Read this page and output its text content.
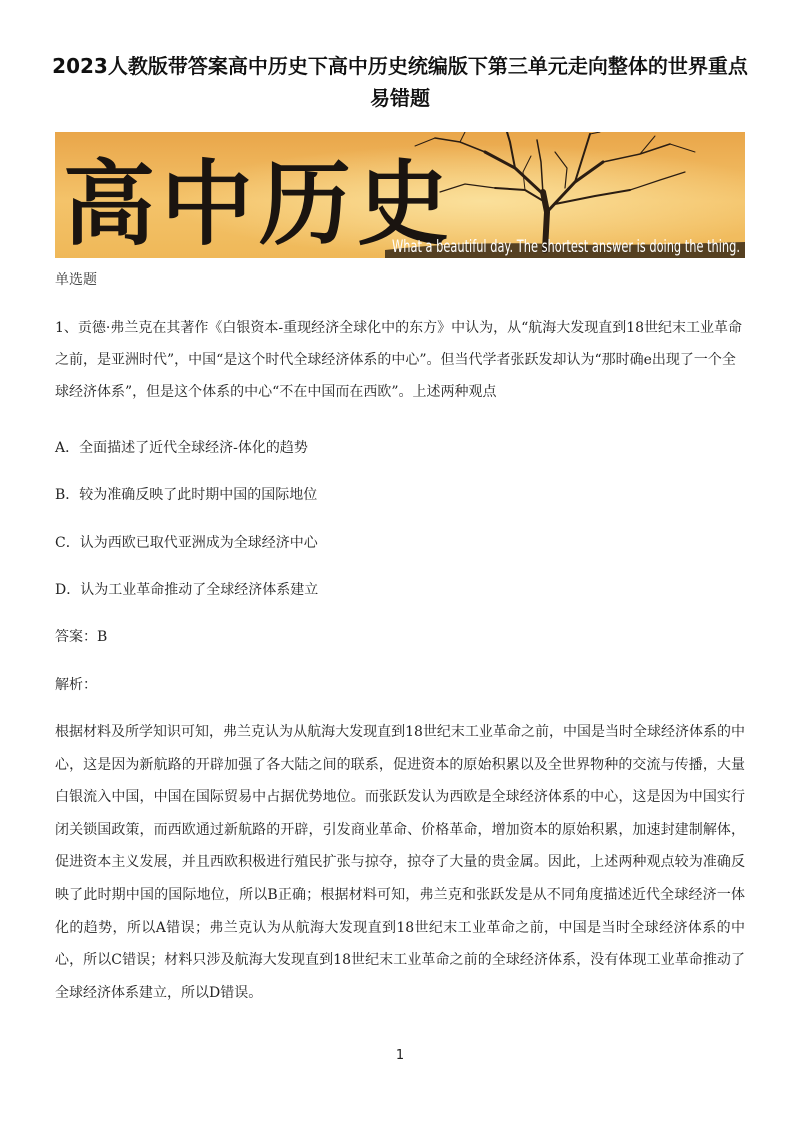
2023人教版带答案高中历史下高中历史统编版下第三单元走向整体的世界重点易错题
高中历史
What a beautiful day. The shortest answer is doing the thing.
单选题
1、贡德·弗兰克在其著作《白银资本-重现经济全球化中的东方》中认为，从“航海大发现直到18世纪末工业革命之前，是亚洲时代”，中国“是这个时代全球经济体系的中心”。但当代学者张跃发却认为“那时确e出现了一个全球经济体系”，但是这个体系的中心“不在中国而在西欧”。上述两种观点
A．全面描述了近代全球经济-体化的趋势
B．较为准确反映了此时期中国的国际地位
C．认为西欧已取代亚洲成为全球经济中心
D．认为工业革命推动了全球经济体系建立
答案：B
解析：
根据材料及所学知识可知，弗兰克认为从航海大发现直到18世纪末工业革命之前，中国是当时全球经济体系的中心，这是因为新航路的开辟加强了各大陆之间的联系，促进资本的原始积累以及全世界物种的交流与传播，大量白银流入中国，中国在国际贸易中占据优势地位。而张跃发认为西欧是全球经济体系的中心，这是因为中国实行闭关锁国政策，而西欧通过新航路的开辟，引发商业革命、价格革命，增加资本的原始积累，加速封建制解体，促进资本主义发展，并且西欧积极进行殖民扩张与掠夺，掠夺了大量的贵金属。因此，上述两种观点较为准确反映了此时期中国的国际地位，所以B正确；根据材料可知，弗兰克和张跃发是从不同角度描述近代全球经济一体化的趋势，所以A错误；弗兰克认为从航海大发现直到18世纪末工业革命之前，中国是当时全球经济体系的中心，所以C错误；材料只涉及航海大发现直到18世纪末工业革命之前的全球经济体系，没有体现工业革命推动了全球经济体系建立，所以D错误。
1
